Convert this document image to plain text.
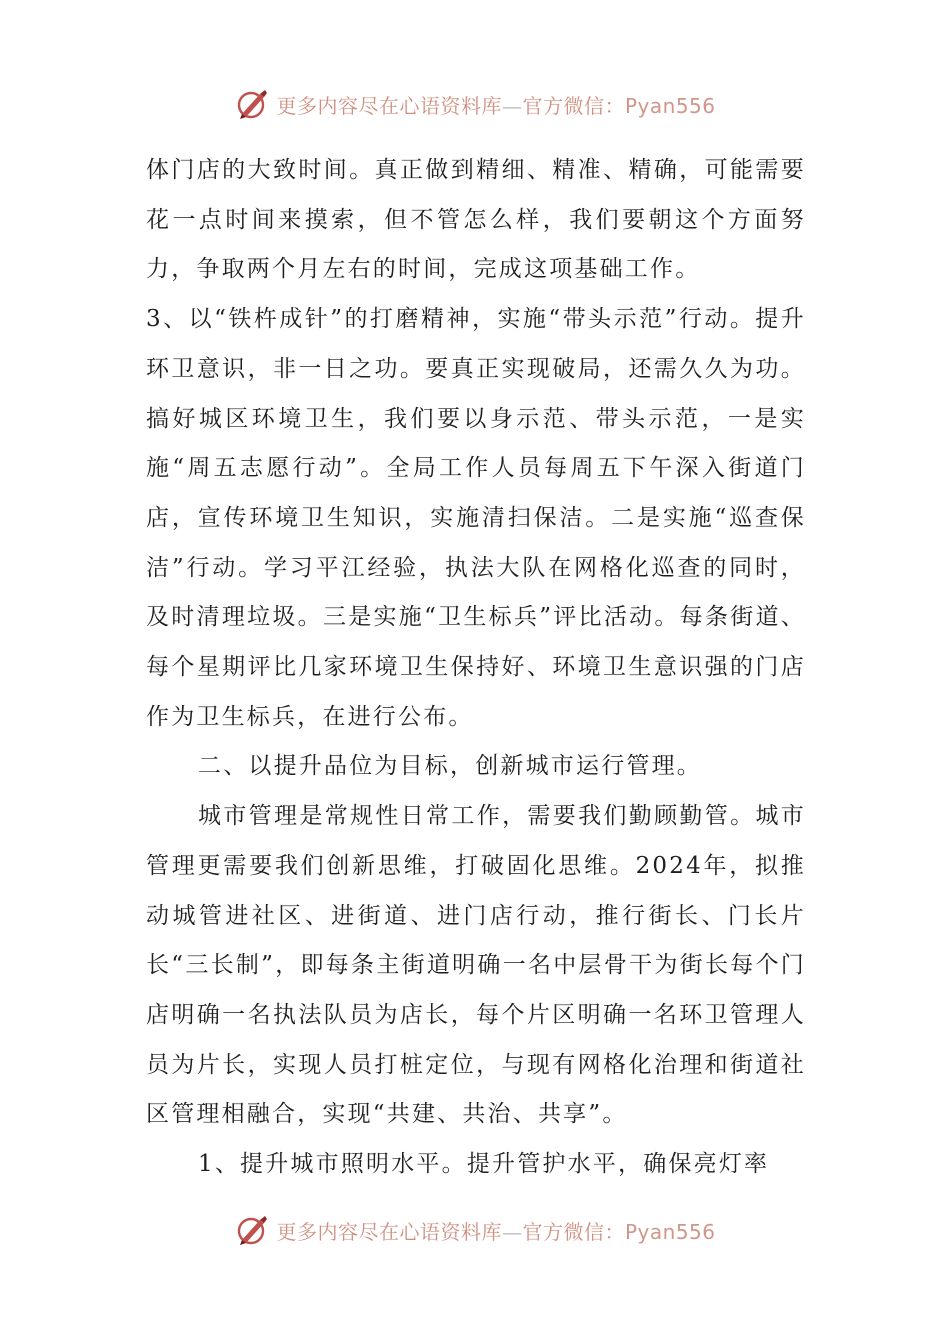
更多内容尽在心语资料库—官方微信：Pyan556

体门店的大致时间。真正做到精细、精准、精确，可能需要花一点时间来摸索，但不管怎么样，我们要朝这个方面努力，争取两个月左右的时间，完成这项基础工作。

3、以“铁杵成针”的打磨精神，实施“带头示范”行动。提升环卫意识，非一日之功。要真正实现破局，还需久久为功。搞好城区环境卫生，我们要以身示范、带头示范，一是实施“周五志愿行动”。全局工作人员每周五下午深入街道门店，宣传环境卫生知识，实施清扫保洁。二是实施“巡查保洁”行动。学习平江经验，执法大队在网格化巡查的同时，及时清理垃圾。三是实施“卫生标兵”评比活动。每条街道、每个星期评比几家环境卫生保持好、环境卫生意识强的门店作为卫生标兵，在进行公布。

二、以提升品位为目标，创新城市运行管理。

城市管理是常规性日常工作，需要我们勤顾勤管。城市管理更需要我们创新思维，打破固化思维。2024年，拟推动城管进社区、进街道、进门店行动，推行街长、门长片长“三长制”，即每条主街道明确一名中层骨干为街长每个门店明确一名执法队员为店长，每个片区明确一名环卫管理人员为片长，实现人员打桩定位，与现有网格化治理和街道社区管理相融合，实现“共建、共治、共享”。

1、提升城市照明水平。提升管护水平，确保亮灯率

更多内容尽在心语资料库—官方微信：Pyan556
